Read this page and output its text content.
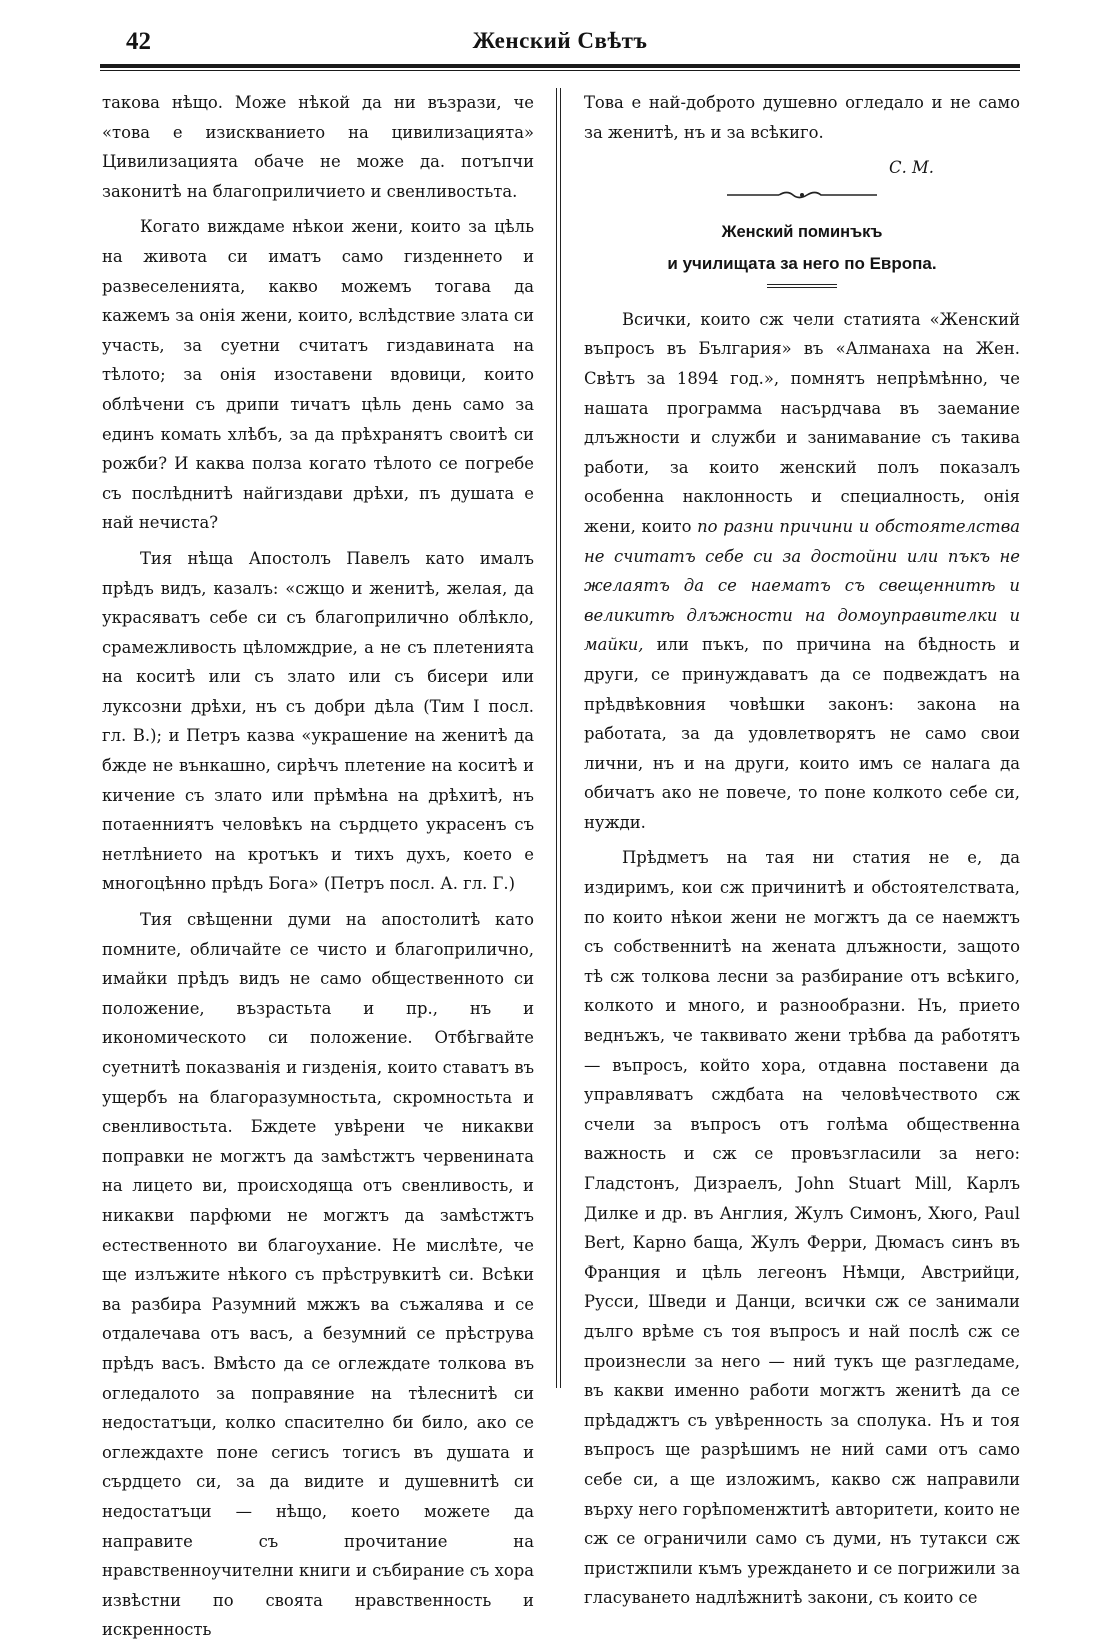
42	Женский Свѣтъ

такова нѣщо. Може нѣкой да ни възрази, че «това е изискванието на цивилизацията» Цивилизацията обаче не може да. потъпчи законитѣ на благоприличието и свенливостьта.

Когато виждаме нѣкои жени, които за цѣль на живота си иматъ само гизденнето и развеселенията, какво можемъ тогава да кажемъ за онія жени, които, вслѣдствие злата си участь, за суетни считатъ гиздавината на тѣлото; за онія изоставени вдовици, които облѣчени съ дрипи тичатъ цѣль день само за единъ комать хлѣбъ, за да прѣхранятъ своитѣ си рожби? И каква полза когато тѣлото се погребе съ послѣднитѣ найгиздави дрѣхи, пъ душата е най нечиста?

Тия нѣща Апостолъ Павелъ като ималъ прѣдъ видъ, казалъ: «сжщо и женитѣ, желая, да украсяватъ себе си съ благоприлично облѣкло, срамежливость цѣломждрие, а не съ плетенията на коситѣ или съ злато или съ бисери или луксозни дрѣхи, нъ съ добри дѣла (Тим I посл. гл. В.); и Петръ казва «украшение на женитѣ да бжде не вънкашно, сирѣчъ плетение на коситѣ и кичение съ злато или прѣмѣна на дрѣхитѣ, нъ потаенниятъ человѣкъ на сърдцето украсенъ съ нетлѣнието на кротъкъ и тихъ духъ, което е многоцѣнно прѣдъ Бога» (Петръ посл. А. гл. Г.)

Тия свѣщенни думи на апостолитѣ като помните, обличайте се чисто и благоприлично, имайки прѣдъ видъ не само общественното си положение, възрастьта и пр., нъ и икономическото си положение. Отбѣгвайте суетнитѣ показванія и гизденія, които ставатъ въ ущербъ на благоразумностьта, скромностьта и свенливостьта. Бждете увѣрени че никакви поправки не могжтъ да замѣстжтъ червенината на лицето ви, происходяща отъ свенливость, и никакви парфюми не могжтъ да замѣстжтъ естественното ви благоухание. Не мислѣте, че ще излъжите нѣкого съ прѣструвкитѣ си. Всѣки ва разбира Разумний мжжъ ва съжалява и се отдалечава отъ васъ, а безумний се прѣструва прѣдъ васъ. Вмѣсто да се оглеждате толкова въ огледалото за поправяние на тѣлеснитѣ си недостатъци, колко спасително би било, ако се оглеждахте поне сегисъ тогисъ въ душата и сърдцето си, за да видите и душевнитѣ си недостатъци — нѣщо, което можете да направите съ прочитание на нравственноучителни книги и събирание съ хора извѣстни по своята нравственность и искренность

Това е най-доброто душевно огледало и не само за женитѣ, нъ и за всѣкиго.

С. М.

Женский поминъкъ
и училищата за него по Европа.

Всички, които сж чели статията «Женский въпросъ въ България» въ «Алманаха на Жен. Свѣтъ за 1894 год.», помнятъ непрѣмѣнно, че нашата программа насърдчава въ заемание длъжности и служби и занимавание съ такива работи, за които женский полъ показалъ особенна наклонность и специалность, онія жени, които по разни причини и обстоятелства не считатъ себе си за достойни или пъкъ не желаятъ да се наематъ съ свещеннитѣ и великитѣ длъжности на домоуправителки и майки, или пъкъ, по причина на бѣдность и други, се принуждаватъ да се подвеждатъ на прѣдвѣковния човѣшки законъ: закона на работата, за да удовлетворятъ не само свои лични, нъ и на други, които имъ се налага да обичатъ ако не повече, то поне колкото себе си, нужди.

Прѣдметъ на тая ни статия не е, да издиримъ, кои сж причинитѣ и обстоятелствата, по които нѣкои жени не могжтъ да се наемжтъ съ собственнитѣ на жената длъжности, защото тѣ сж толкова лесни за разбирание отъ всѣкиго, колкото и много, и разнообразни. Нъ, прието веднъжъ, че таквивато жени трѣбва да работятъ — въпросъ, който хора, отдавна поставени да управляватъ сждбата на человѣчеството сж счели за въпросъ отъ голѣма общественна важность и сж се провъзгласили за него: Гладстонъ, Дизраелъ, John Stuart Mill, Карлъ Дилке и др. въ Англия, Жулъ Симонъ, Хюго, Paul Bert, Карно баща, Жулъ Ферри, Дюмасъ синъ въ Франция и цѣль легеонъ Нѣмци, Австрийци, Русси, Шведи и Данци, всички сж се занимали дълго врѣме съ тоя въпросъ и най послѣ сж се произнесли за него — ний тукъ ще разгледаме, въ какви именно работи могжтъ женитѣ да се прѣдаджтъ съ увѣренность за сполука. Нъ и тоя въпросъ ще разрѣшимъ не ний сами отъ само себе си, а ще изложимъ, какво сж направили върху него горѣпоменжтитѣ авторитети, които не сж се ограничили само съ думи, нъ тутакси сж пристжпили къмъ уреждането и се погрижили за гласуването надлѣжнитѣ закони, съ които се
